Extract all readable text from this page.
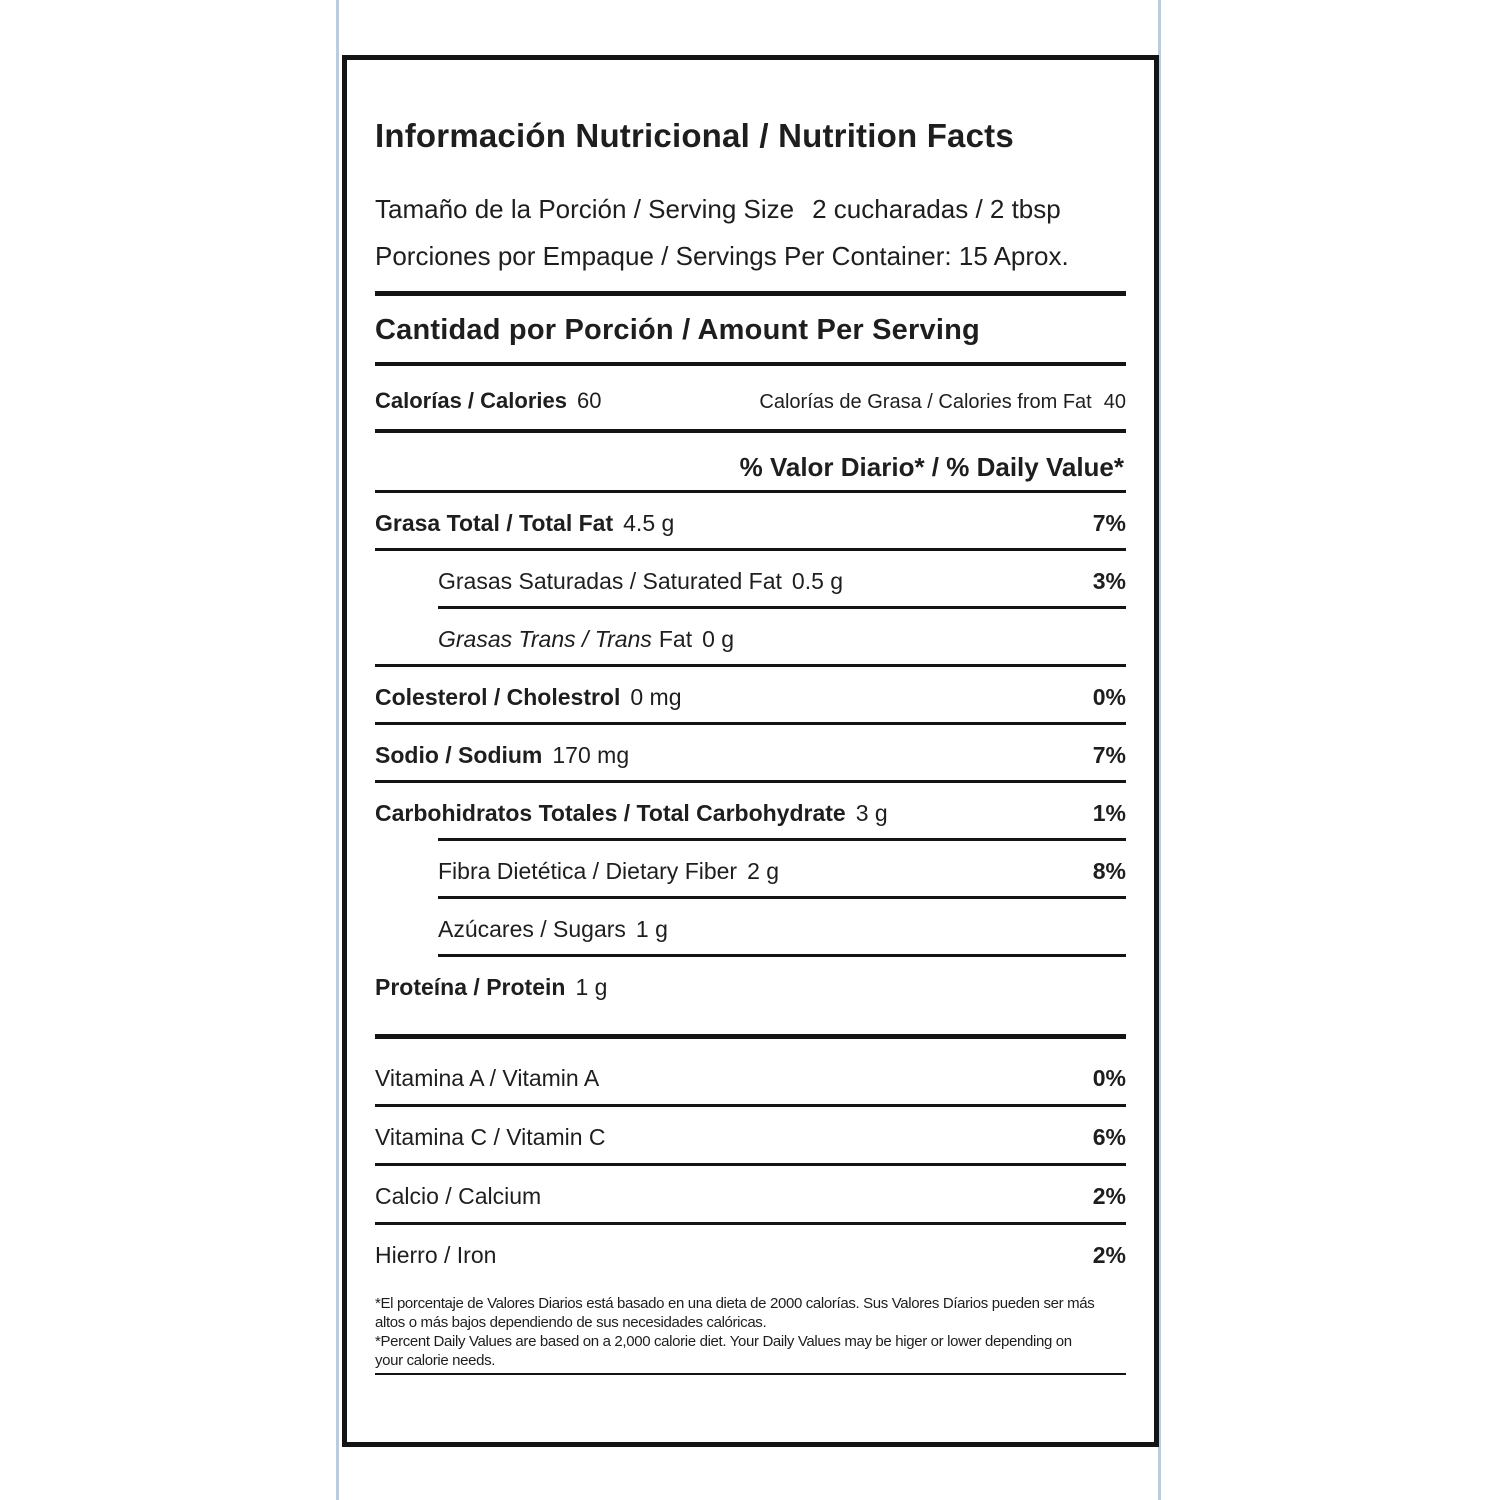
Información Nutricional / Nutrition Facts
Tamaño de la Porción / Serving Size 2 cucharadas / 2 tbsp
Porciones por Empaque / Servings Per Container: 15 Aprox.
Cantidad por Porción / Amount Per Serving
Calorías / Calories 60	Calorías de Grasa / Calories from Fat 40
% Valor Diario* / % Daily Value*
Grasa Total / Total Fat 4.5 g	7%
Grasas Saturadas / Saturated Fat 0.5 g	3%
Grasas Trans / Trans Fat 0 g
Colesterol / Cholestrol 0 mg	0%
Sodio / Sodium 170 mg	7%
Carbohidratos Totales / Total Carbohydrate 3 g	1%
Fibra Dietética / Dietary Fiber 2 g	8%
Azúcares / Sugars 1 g
Proteína / Protein 1 g
Vitamina A / Vitamin A	0%
Vitamina C / Vitamin C	6%
Calcio / Calcium	2%
Hierro / Iron	2%
*El porcentaje de Valores Diarios está basado en una dieta de 2000 calorías. Sus Valores Díarios pueden ser más
altos o más bajos dependiendo de sus necesidades calóricas.
*Percent Daily Values are based on a 2,000 calorie diet. Your Daily Values may be higer or lower depending on
your calorie needs.
